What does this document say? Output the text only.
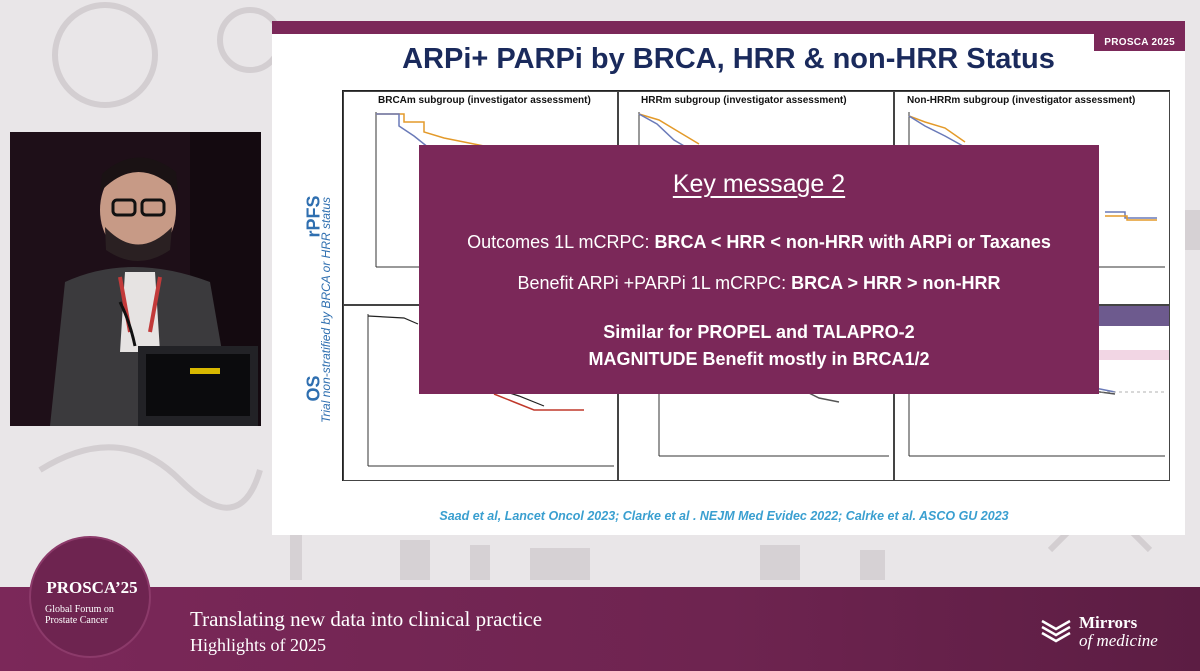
PROSCA 2025
ARPi+ PARPi by BRCA, HRR & non-HRR Status
rPFS
OS
Trial non-stratified by BRCA or HRR status
BRCAm subgroup (investigator assessment)	HRRm subgroup (investigator assessment)	Non-HRRm subgroup (investigator assessment)
Saad et al, Lancet Oncol 2023; Clarke et al . NEJM Med Evidec 2022; Calrke et al. ASCO GU 2023
Key message 2
Outcomes 1L mCRPC: BRCA < HRR < non-HRR with ARPi or Taxanes
Benefit ARPi +PARPi 1L mCRPC: BRCA > HRR > non-HRR
Similar for PROPEL and TALAPRO-2
MAGNITUDE Benefit mostly in BRCA1/2
Translating new data into clinical practice
Highlights of 2025
Mirrors
of medicine
PROSCA’25
Global Forum on
Prostate Cancer
